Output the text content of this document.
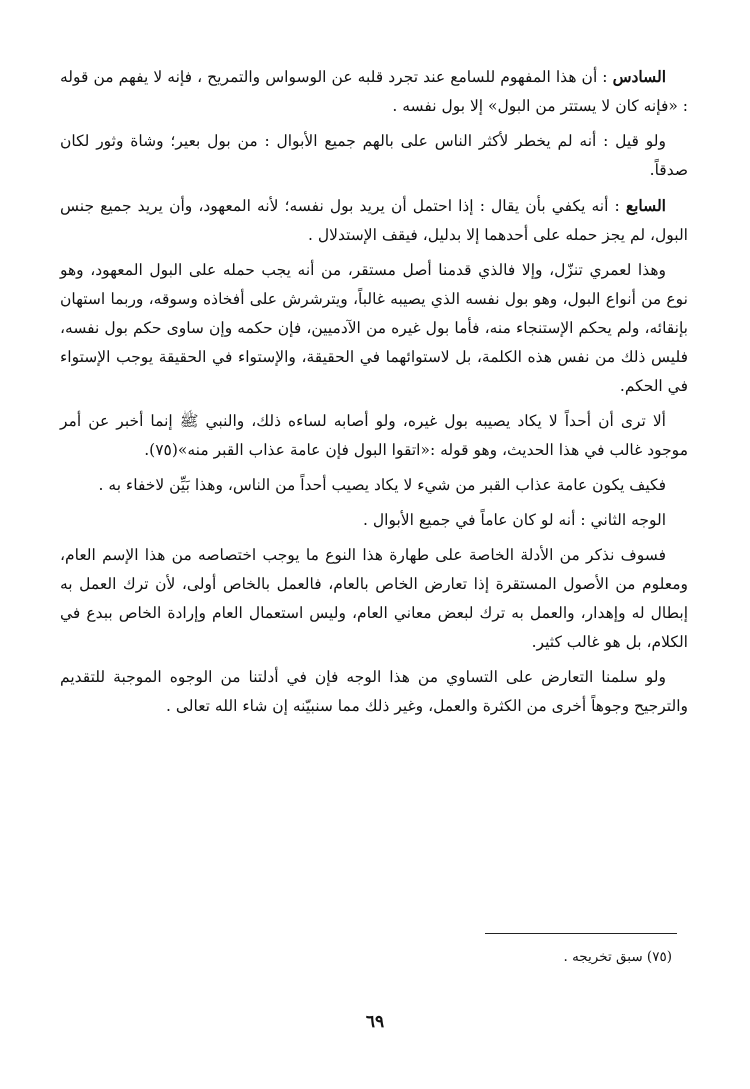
السادس : أن هذا المفهوم للسامع عند تجرد قلبه عن الوسواس والتمريح ، فإنه لا يفهم من قوله : «فإنه كان لا يستتر من البول» إلا بول نفسه .

ولو قيل : أنه لم يخطر لأكثر الناس على بالهم جميع الأبوال : من بول بعير؛ وشاة وثور لكان صدقاً.

السابع : أنه يكفي بأن يقال : إذا احتمل أن يريد بول نفسه؛ لأنه المعهود، وأن يريد جميع جنس البول، لم يجز حمله على أحدهما إلا بدليل، فيقف الإستدلال .

وهذا لعمري تنزّل، وإلا فالذي قدمنا أصل مستقر، من أنه يجب حمله على البول المعهود، وهو نوع من أنواع البول، وهو بول نفسه الذي يصيبه غالباً، ويترشرش على أفخاذه وسوقه، وربما استهان بإنقائه، ولم يحكم الإستنجاء منه، فأما بول غيره من الآدميين، فإن حكمه وإن ساوى حكم بول نفسه، فليس ذلك من نفس هذه الكلمة، بل لاستوائهما في الحقيقة، والإستواء في الحقيقة يوجب الإستواء في الحكم.

ألا ترى أن أحداً لا يكاد يصيبه بول غيره، ولو أصابه لساءه ذلك، والنبي ﷺ إنما أخبر عن أمر موجود غالب في هذا الحديث، وهو قوله :«اتقوا البول فإن عامة عذاب القبر منه»(٧٥).

فكيف يكون عامة عذاب القبر من شيء لا يكاد يصيب أحداً من الناس، وهذا بَيِّن لاخفاء به .

الوجه الثاني : أنه لو كان عاماً في جميع الأبوال .

فسوف نذكر من الأدلة الخاصة على طهارة هذا النوع ما يوجب اختصاصه من هذا الإسم العام، ومعلوم من الأصول المستقرة إذا تعارض الخاص بالعام، فالعمل بالخاص أولى، لأن ترك العمل به إبطال له وإهدار، والعمل به ترك لبعض معاني العام، وليس استعمال العام وإرادة الخاص ببدع في الكلام، بل هو غالب كثير.

ولو سلمنا التعارض على التساوي من هذا الوجه فإن في أدلتنا من الوجوه الموجبة للتقديم والترجيح وجوهاً أخرى من الكثرة والعمل، وغير ذلك مما سنبيّنه إن شاء الله تعالى .

(٧٥) سبق تخريجه .
٦٩
